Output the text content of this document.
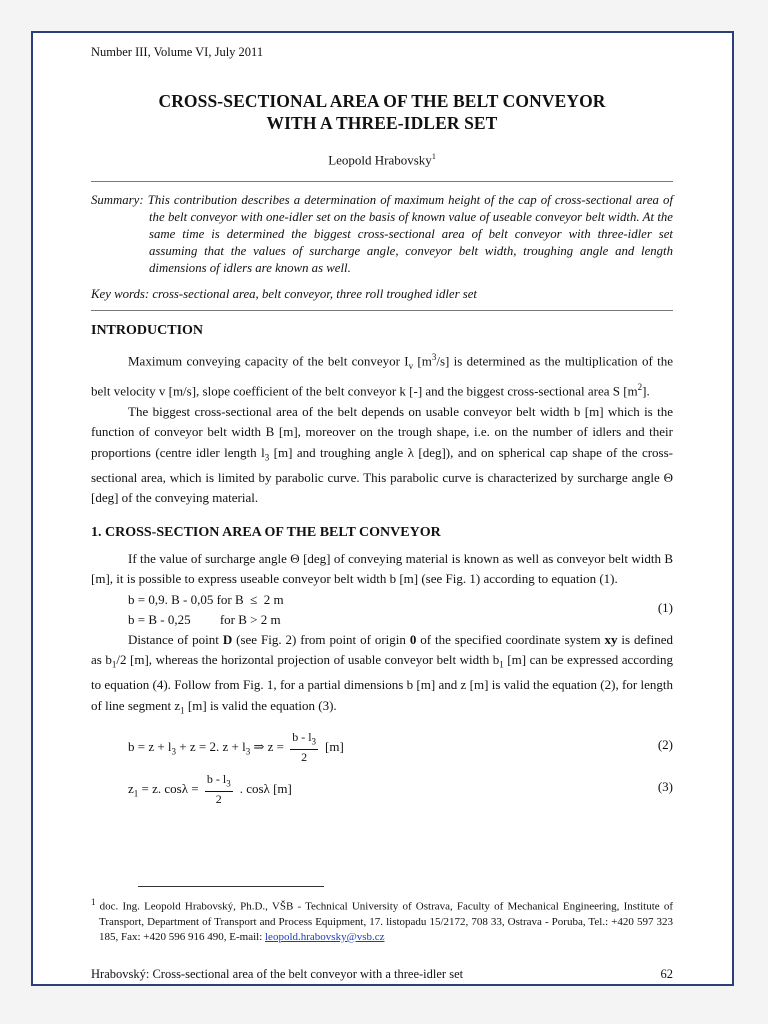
Number III, Volume VI, July 2011
CROSS-SECTIONAL AREA OF THE BELT CONVEYOR
WITH A THREE-IDLER SET
Leopold Hrabovsky$^1$
Summary: This contribution describes a determination of maximum height of the cap of cross-sectional area of the belt conveyor with one-idler set on the basis of known value of useable conveyor belt width. At the same time is determined the biggest cross-sectional area of belt conveyor with three-idler set assuming that the values of surcharge angle, conveyor belt width, troughing angle and length dimensions of idlers are known as well.
Key words: cross-sectional area, belt conveyor, three roll troughed idler set
INTRODUCTION

Maximum conveying capacity of the belt conveyor $I_v$ $[m^3/s]$ is determined as the multiplication of the belt velocity v [m/s], slope coefficient of the belt conveyor k [-] and the biggest cross-sectional area S $[m^2]$.

The biggest cross-sectional area of the belt depends on usable conveyor belt width b [m] which is the function of conveyor belt width B [m], moreover on the trough shape, i.e. on the number of idlers and their proportions (centre idler length $l_3$ [m] and troughing angle λ [deg]), and on spherical cap shape of the cross-sectional area, which is limited by parabolic curve. This parabolic curve is characterized by surcharge angle Θ [deg] of the conveying material.

1. CROSS-SECTION AREA OF THE BELT CONVEYOR

If the value of surcharge angle Θ [deg] of conveying material is known as well as conveyor belt width B [m], it is possible to express useable conveyor belt width b [m] (see Fig. 1) according to equation (1).

b = 0,9. B - 0,05 for B  ≤  2 m
b = B - 0,25         for B > 2 m
(1)

Distance of point D (see Fig. 2) from point of origin 0 of the specified coordinate system xy is defined as $b_1/2$ [m], whereas the horizontal projection of usable conveyor belt width $b_1$ [m] can be expressed according to equation (4). Follow from Fig. 1, for a partial dimensions b [m] and z [m] is valid the equation (2), for length of line segment $z_1$ [m] is valid the equation (3).

$b = z + l_3 + z = 2$. $z + l_3$ ⇒ $z = \frac{b - l_3}{2} [m]$	(2)
$z_1 = z$. $\cos\lambda = \frac{b - l_3}{2}$ . cosλ [m]	(3)
$^1$ doc. Ing. Leopold Hrabovský, Ph.D., VŠB - Technical University of Ostrava, Faculty of Mechanical Engineering, Institute of Transport, Department of Transport and Process Equipment, 17. listopadu 15/2172, 708 33, Ostrava - Poruba, Tel.: +420 597 323 185, Fax: +420 596 916 490, E-mail: leopold.hrabovsky@vsb.cz
Hrabovský: Cross-sectional area of the belt conveyor with a three-idler set	62
